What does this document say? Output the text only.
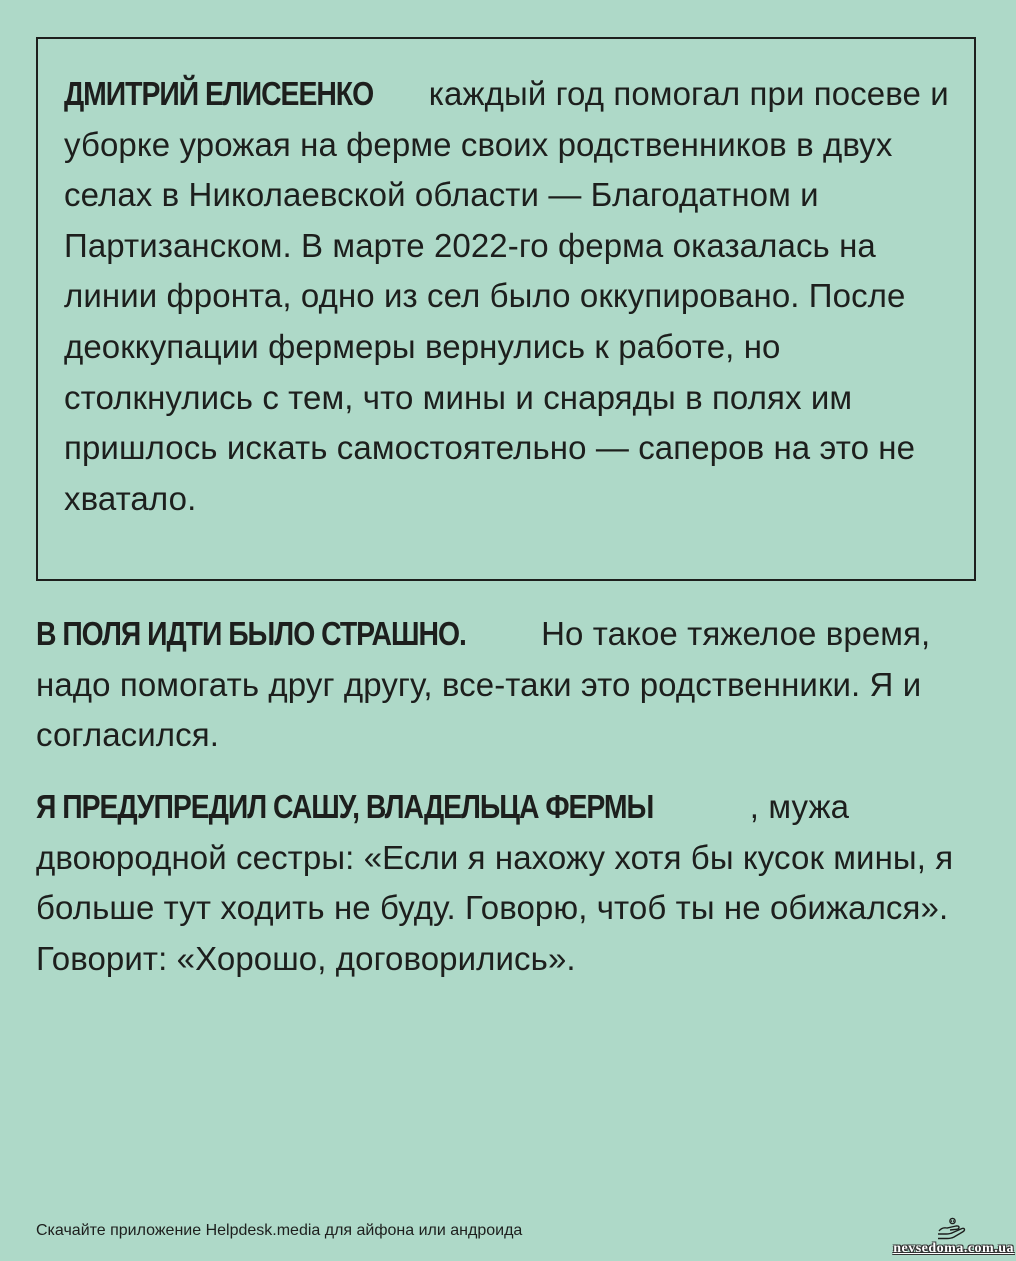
ДМИТРИЙ ЕЛИСЕЕНКО каждый год помогал при посеве и уборке урожая на ферме своих родственников в двух селах в Николаевской области — Благодатном и Партизанском. В марте 2022-го ферма оказалась на линии фронта, одно из сел было оккупировано. После деоккупации фермеры вернулись к работе, но столкнулись с тем, что мины и снаряды в полях им пришлось искать самостоятельно — саперов на это не хватало.

В ПОЛЯ ИДТИ БЫЛО СТРАШНО. Но такое тяжелое время, надо помогать друг другу, все-таки это родственники. Я и согласился.

Я ПРЕДУПРЕДИЛ САШУ, ВЛАДЕЛЬЦА ФЕРМЫ	, мужа двоюродной сестры: «Если я нахожу хотя бы кусок мины, я больше тут ходить не буду. Говорю, чтоб ты не обижался». Говорит: «Хорошо, договорились».

Скачайте приложение Helpdesk.media для айфона или андроида
nevsedoma.com.ua
